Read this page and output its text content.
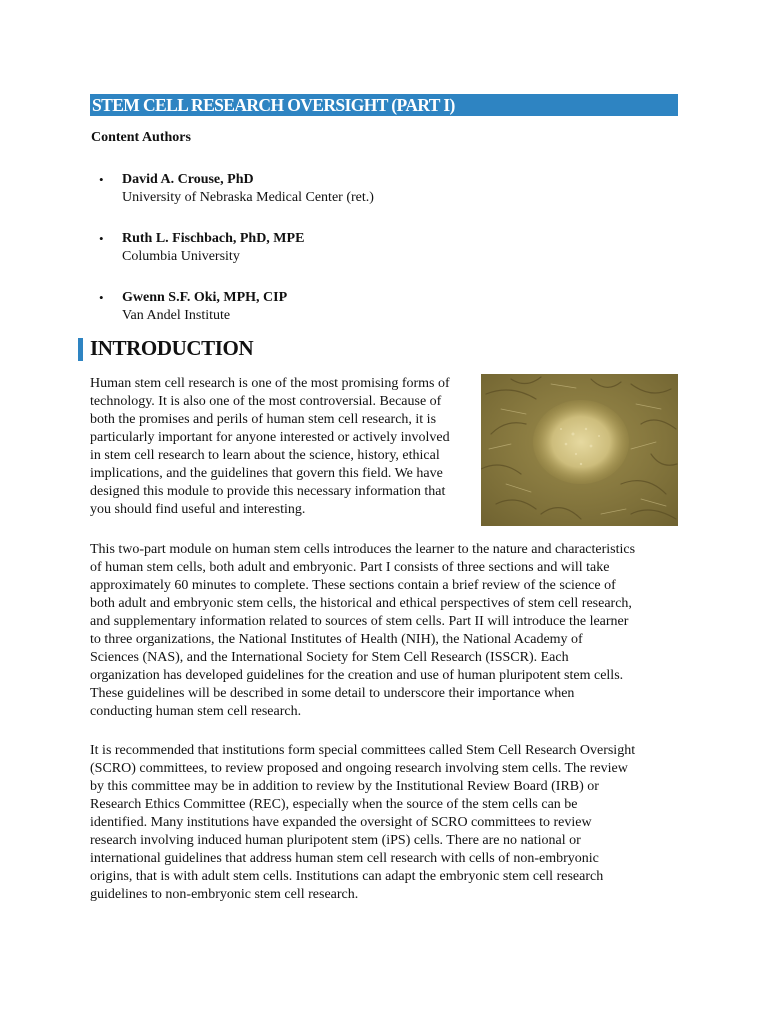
STEM CELL RESEARCH OVERSIGHT (PART I)
Content Authors
• David A. Crouse, PhD
University of Nebraska Medical Center (ret.)
• Ruth L. Fischbach, PhD, MPE
Columbia University
• Gwenn S.F. Oki, MPH, CIP
Van Andel Institute
INTRODUCTION
Human stem cell research is one of the most promising forms of
technology. It is also one of the most controversial. Because of
both the promises and perils of human stem cell research, it is
particularly important for anyone interested or actively involved
in stem cell research to learn about the science, history, ethical
implications, and the guidelines that govern this field. We have
designed this module to provide this necessary information that
you should find useful and interesting.
This two-part module on human stem cells introduces the learner to the nature and characteristics
of human stem cells, both adult and embryonic. Part I consists of three sections and will take
approximately 60 minutes to complete. These sections contain a brief review of the science of
both adult and embryonic stem cells, the historical and ethical perspectives of stem cell research,
and supplementary information related to sources of stem cells. Part II will introduce the learner
to three organizations, the National Institutes of Health (NIH), the National Academy of
Sciences (NAS), and the International Society for Stem Cell Research (ISSCR). Each
organization has developed guidelines for the creation and use of human pluripotent stem cells.
These guidelines will be described in some detail to underscore their importance when
conducting human stem cell research.
It is recommended that institutions form special committees called Stem Cell Research Oversight
(SCRO) committees, to review proposed and ongoing research involving stem cells. The review
by this committee may be in addition to review by the Institutional Review Board (IRB) or
Research Ethics Committee (REC), especially when the source of the stem cells can be
identified. Many institutions have expanded the oversight of SCRO committees to review
research involving induced human pluripotent stem (iPS) cells. There are no national or
international guidelines that address human stem cell research with cells of non-embryonic
origins, that is with adult stem cells. Institutions can adapt the embryonic stem cell research
guidelines to non-embryonic stem cell research.
